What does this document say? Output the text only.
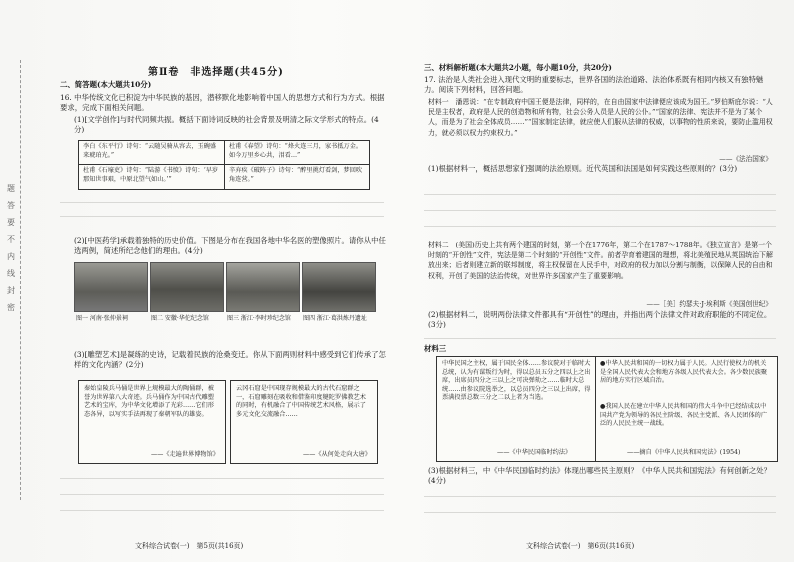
题
答
要
不
内
线
封
密
第Ⅱ卷　非选择题(共45分)
二、简答题(本大题共10分)
16. 中华传统文化已积淀为中华民族的基因，潜移默化地影响着中国人的思想方式和行为方式。根据要求，完成下面相关问题。
(1)[文学创作]与时代同频共振。概括下面诗词反映的社会背景及明清之际文学形式的特点。(4分)
李白《东平行》诗句：“云随吴骑从容去，玉碗盛来琥珀光。”
杜甫《春望》诗句：“烽火连三月，家书抵万金。如今万里乡心共，泪看…”
杜甫《石壕吏》诗句：“陆游《书愤》诗句：‘早岁那知世事艰，中原北望气如山。’”
辛弃疾《破阵子》诗句：“醉里挑灯看剑，梦回吹角连营。”
(2)[中医药学]承载着独特的历史价值。下图是分布在我国各地中华名医的塑像照片。请你从中任选两例，简述所纪念他们的理由。(4分)
图一 河南·张仲景祠	图二 安徽·华佗纪念馆	图三 浙江·李时珍纪念馆 图四 浙江·葛洪炼丹遗址
(3)[雕塑艺术]是凝练的史诗，记载着民族的沧桑变迁。你从下面两则材料中感受到它们传承了怎样的文化内涵？(2分)
秦始皇陵兵马俑是世界上规模最大的陶俑群，被誉为世界第八大奇迹。兵马俑作为中国古代雕塑艺术的宝库，为中华文化增添了光彩……它们形态各异，以写实手法再现了秦朝军队的雄姿。
——《走遍世界博物馆》
云冈石窟是中国现存规模最大的古代石窟群之一，石窟雕刻在吸收和借鉴印度犍陀罗佛教艺术的同时，有机融合了中国传统艺术风格，展示了多元文化交流融合……
——《从何处走向大唐》
文科综合试卷(一)　第5页(共16页)
三、材料解析题(本大题共2小题，每小题10分，共20分)
17. 法治是人类社会进入现代文明的重要标志，世界各国的法治道路、法治体系既有相同内核又有独特魅力。阅读下列材料，回答问题。
材料一　潘恩说：“在专制政府中国王便是法律，同样的，在自由国家中法律便应该成为国王。”罗伯斯庇尔说：“人民是主权者，政府是人民的创造物和所有物，社会公务人员是人民的公仆。”“国家的法律、宪法并不是为了某个人，而是为了社会全体成员……”“国家制定法律，就应使人们服从法律的权威，以事物的性质来说，要防止滥用权力，就必须以权力约束权力。”
——《法治国家》
(1)根据材料一，概括思想家们强调的法治原则。近代英国和法国是如何实践这些原则的？(3分)
材料二　(美国)历史上共有两个建国的时刻，第一个在1776年，第二个在1787～1788年。《独立宣言》是第一个时刻的“开创性”文件，宪法是第二个时刻的“开创性”文件。前者孕育着建国的理想，将北美殖民地从英国统治下解放出来；后者则建立新的联邦制度，将主权保留在人民手中，对政府的权力加以分割与制衡，以保障人民的自由和权利，开创了美国的法治传统，对世界许多国家产生了重要影响。
——［美］约瑟夫·J·埃利斯《美国创世纪》
(2)根据材料二，说明两份法律文件都具有“开创性”的理由，并指出两个法律文件对政府职能的不同定位。(3分)
材料三
中华民国之主权，属于国民全体……参议院对于临时大总统，认为有谋叛行为时，得以总员五分之四以上之出席，出席员四分之三以上之可决弹劾之……临时大总统……由参议院选举之，以总员四分之三以上出席，得票满投票总数三分之二以上者为当选。
——《中华民国临时约法》
●中华人民共和国的一切权力属于人民。人民行使权力的机关是全国人民代表大会和地方各级人民代表大会。各少数民族聚居的地方实行区域自治。
●我国人民在建立中华人民共和国的伟大斗争中已经结成以中国共产党为领导的各民主阶级、各民主党派、各人民团体的广泛的人民民主统一战线。
——摘自《中华人民共和国宪法》(1954)
(3)根据材料三，中《中华民国临时约法》体现出哪些民主原则？《中华人民共和国宪法》有何创新之处？(4分)
文科综合试卷(一)　第6页(共16页)
